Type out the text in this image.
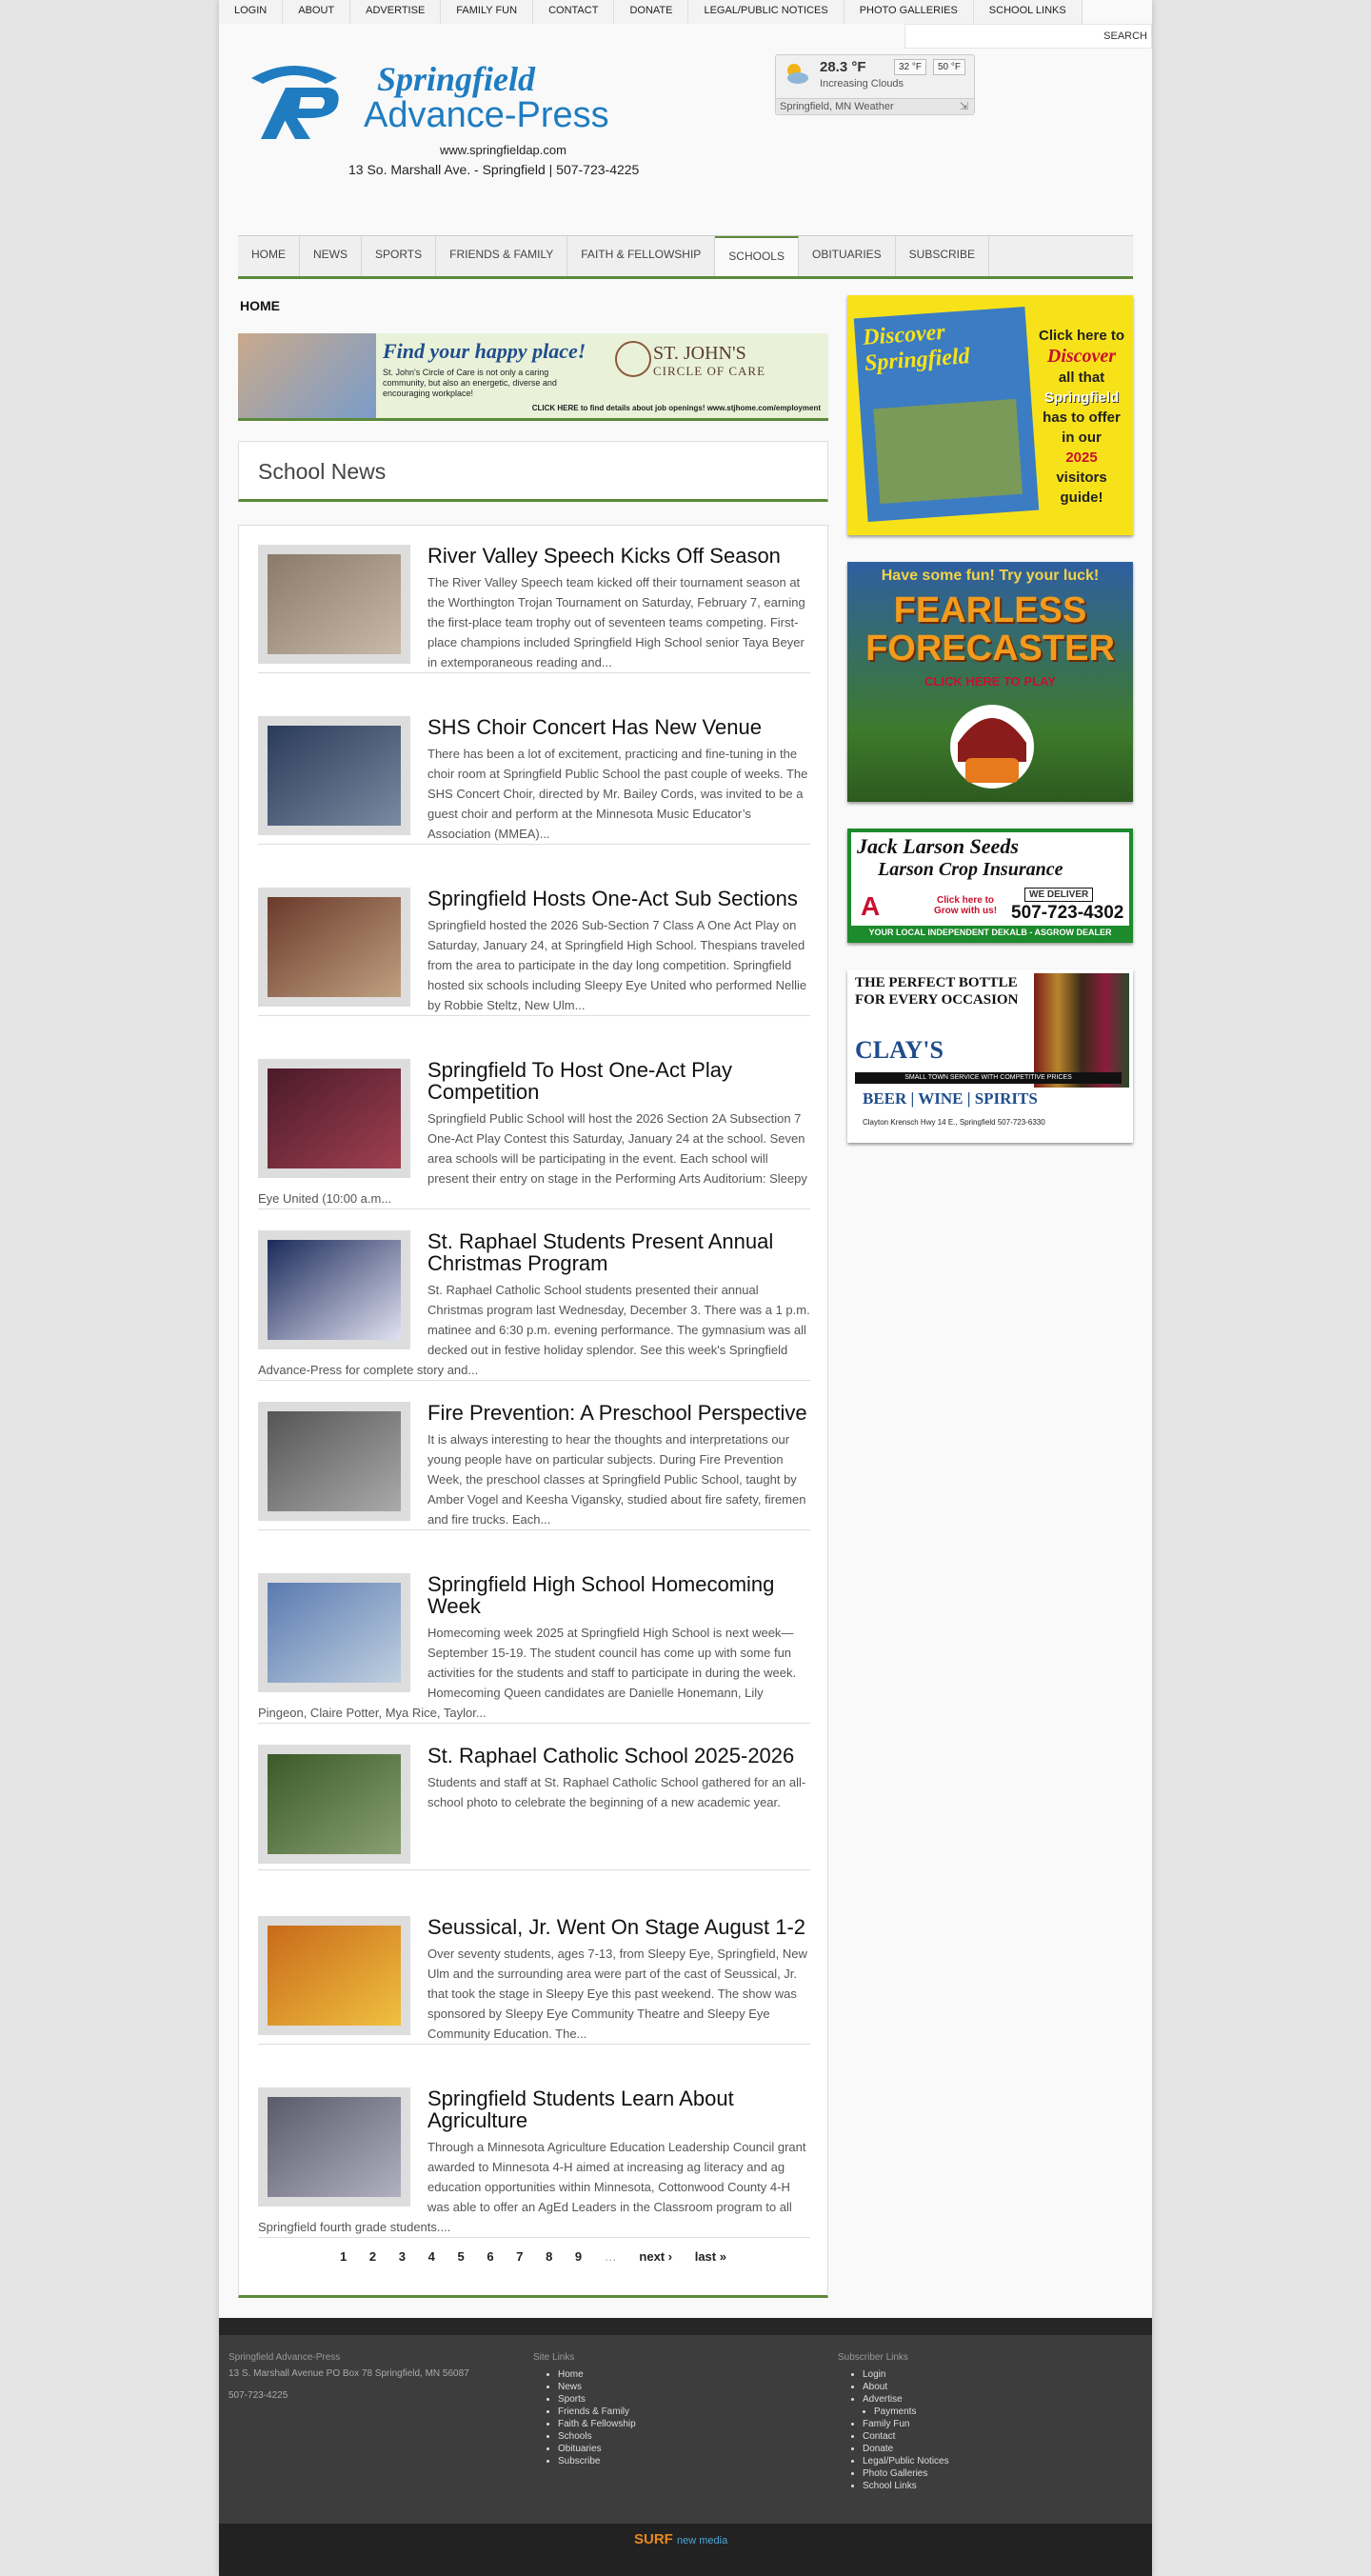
LOGIN	ABOUT	ADVERTISE	FAMILY FUN	CONTACT	DONATE	LEGAL/PUBLIC NOTICES	PHOTO GALLERIES	SCHOOL LINKS
SEARCH
Springfield
Advance-Press
www.springfieldap.com
13 So. Marshall Ave. - Springfield | 507-723-4225
28.3 °F
Increasing Clouds
32 °F	50 °F
Springfield, MN Weather	⇲
HOME	NEWS	SPORTS	FRIENDS & FAMILY	FAITH & FELLOWSHIP	SCHOOLS	OBITUARIES	SUBSCRIBE
HOME
Find your happy place!
St. John's Circle of Care is not only a caring community, but also an energetic, diverse and encouraging workplace!
ST. JOHN'S
CIRCLE OF CARE
CLICK HERE to find details about job openings! www.stjhome.com/employment
School News
River Valley Speech Kicks Off Season

The River Valley Speech team kicked off their tournament season at the Worthington Trojan Tournament on Saturday, February 7, earning the first-place team trophy out of seventeen teams competing. First-place champions included Springfield High School senior Taya Beyer in extemporaneous reading and...

SHS Choir Concert Has New Venue

There has been a lot of excitement, practicing and fine-tuning in the choir room at Springfield Public School the past couple of weeks. The SHS Concert Choir, directed by Mr. Bailey Cords, was invited to be a guest choir and perform at the Minnesota Music Educator’s Association (MMEA)...

Springfield Hosts One-Act Sub Sections

Springfield hosted the 2026 Sub-Section 7 Class A One Act Play on Saturday, January 24, at Springfield High School. Thespians traveled from the area to participate in the day long competition. Springfield hosted six schools including Sleepy Eye United who performed Nellie by Robbie Steltz, New Ulm...

Springfield To Host One-Act Play Competition

Springfield Public School will host the 2026 Section 2A Subsection 7 One-Act Play Contest this Saturday, January 24 at the school. Seven area schools will be participating in the event. Each school will present their entry on stage in the Performing Arts Auditorium: Sleepy Eye United (10:00 a.m...

St. Raphael Students Present Annual Christmas Program

St. Raphael Catholic School students presented their annual Christmas program last Wednesday, December 3. There was a 1 p.m. matinee and 6:30 p.m. evening performance. The gymnasium was all decked out in festive holiday splendor. See this week's Springfield Advance-Press for complete story and...

Fire Prevention: A Preschool Perspective

It is always interesting to hear the thoughts and interpretations our young people have on particular subjects. During Fire Prevention Week, the preschool classes at Springfield Public School, taught by Amber Vogel and Keesha Vigansky, studied about fire safety, firemen and fire trucks. Each...

Springfield High School Homecoming Week

Homecoming week 2025 at Springfield High School is next week—September 15-19. The student council has come up with some fun activities for the students and staff to participate in during the week. Homecoming Queen candidates are Danielle Honemann, Lily Pingeon, Claire Potter, Mya Rice, Taylor...

St. Raphael Catholic School 2025-2026

Students and staff at St. Raphael Catholic School gathered for an all-school photo to celebrate the beginning of a new academic year.

Seussical, Jr. Went On Stage August 1-2

Over seventy students, ages 7-13, from Sleepy Eye, Springfield, New Ulm and the surrounding area were part of the cast of Seussical, Jr. that took the stage in Sleepy Eye this past weekend. The show was sponsored by Sleepy Eye Community Theatre and Sleepy Eye Community Education. The...

Springfield Students Learn About Agriculture

Through a Minnesota Agriculture Education Leadership Council grant awarded to Minnesota 4-H aimed at increasing ag literacy and ag education opportunities within Minnesota, Cottonwood County 4-H was able to offer an AgEd Leaders in the Classroom program to all Springfield fourth grade students....

1 2 3 4 5 6 7 8 9 … next › last »
Discover Springfield
Click here to
Discover
all that
Springfield
has to offer
in our
2025
visitors guide!
Have some fun! Try your luck!
FEARLESS
FORECASTER
CLICK HERE TO PLAY
Jack Larson Seeds
Larson Crop Insurance
A	Click here to Grow with us!
WE DELIVER
507-723-4302
YOUR LOCAL INDEPENDENT DEKALB - ASGROW DEALER
THE PERFECT BOTTLE
FOR EVERY OCCASION
CLAY'S
SMALL TOWN SERVICE WITH COMPETITIVE PRICES
BEER | WINE | SPIRITS
Clayton Krensch Hwy 14 E., Springfield 507-723-6330
Springfield Advance-Press
13 S. Marshall Avenue PO Box 78 Springfield, MN 56087
507-723-4225
Site Links
• Home
• News
• Sports
• Friends & Family
• Faith & Fellowship
• Schools
• Obituaries
• Subscribe
Subscriber Links
• Login
• About
• Advertise
• Payments
• Family Fun
• Contact
• Donate
• Legal/Public Notices
• Photo Galleries
• School Links
SURF new media
